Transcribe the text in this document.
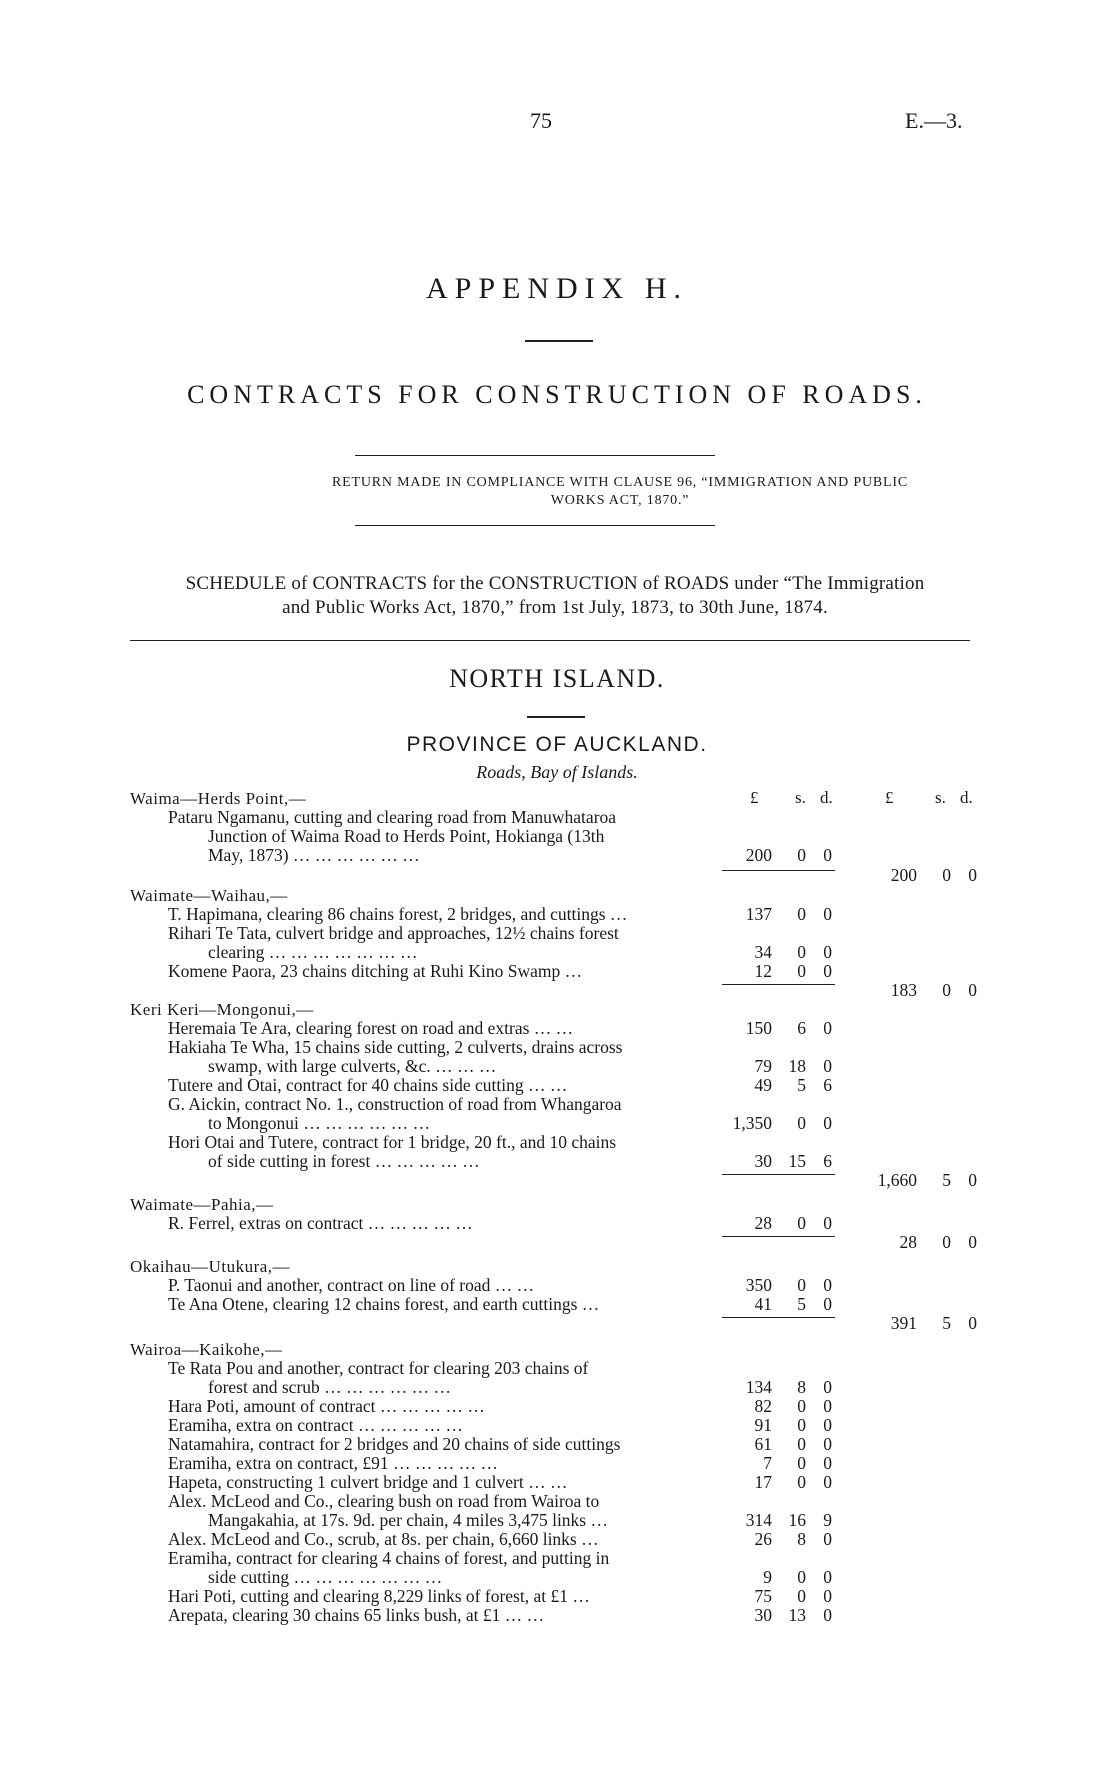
75	E.—3.
APPENDIX H.
CONTRACTS FOR CONSTRUCTION OF ROADS.
RETURN MADE IN COMPLIANCE WITH CLAUSE 96, “IMMIGRATION AND PUBLIC WORKS ACT, 1870.”
SCHEDULE of CONTRACTS for the CONSTRUCTION of ROADS under “The Immigration
and Public Works Act, 1870,” from 1st July, 1873, to 30th June, 1874.
NORTH ISLAND.
PROVINCE OF AUCKLAND.
Roads, Bay of Islands.
£ s. d.	£ s. d.
Waima—Herds Point,—
Pataru Ngamanu, cutting and clearing road from Manuwhataroa
Junction of Waima Road to Herds Point, Hokianga (13th
May, 1873) … … … … … …	200 0 0
200 0 0
Waimate—Waihau,—
T. Hapimana, clearing 86 chains forest, 2 bridges, and cuttings …	137 0 0
Rihari Te Tata, culvert bridge and approaches, 12½ chains forest
clearing … … … … … … …	34 0 0
Komene Paora, 23 chains ditching at Ruhi Kino Swamp …	12 0 0
183 0 0
Keri Keri—Mongonui,—
Heremaia Te Ara, clearing forest on road and extras … …	150 6 0
Hakiaha Te Wha, 15 chains side cutting, 2 culverts, drains across
swamp, with large culverts, &c. … … …	79 18 0
Tutere and Otai, contract for 40 chains side cutting … …	49 5 6
G. Aickin, contract No. 1., construction of road from Whangaroa
to Mongonui … … … … … …	1,350 0 0
Hori Otai and Tutere, contract for 1 bridge, 20 ft., and 10 chains
of side cutting in forest … … … … …	30 15 6
1,660 5 0
Waimate—Pahia,—
R. Ferrel, extras on contract … … … … …	28 0 0
28 0 0
Okaihau—Utukura,—
P. Taonui and another, contract on line of road … …	350 0 0
Te Ana Otene, clearing 12 chains forest, and earth cuttings …	41 5 0
391 5 0
Wairoa—Kaikohe,—
Te Rata Pou and another, contract for clearing 203 chains of
forest and scrub … … … … … …	134 8 0
Hara Poti, amount of contract … … … … …	82 0 0
Eramiha, extra on contract … … … … …	91 0 0
Natamahira, contract for 2 bridges and 20 chains of side cuttings	61 0 0
Eramiha, extra on contract, £91 … … … … …	7 0 0
Hapeta, constructing 1 culvert bridge and 1 culvert … …	17 0 0
Alex. McLeod and Co., clearing bush on road from Wairoa to
Mangakahia, at 17s. 9d. per chain, 4 miles 3,475 links …	314 16 9
Alex. McLeod and Co., scrub, at 8s. per chain, 6,660 links …	26 8 0
Eramiha, contract for clearing 4 chains of forest, and putting in
side cutting … … … … … … …	9 0 0
Hari Poti, cutting and clearing 8,229 links of forest, at £1 …	75 0 0
Arepata, clearing 30 chains 65 links bush, at £1 … …	30 13 0
